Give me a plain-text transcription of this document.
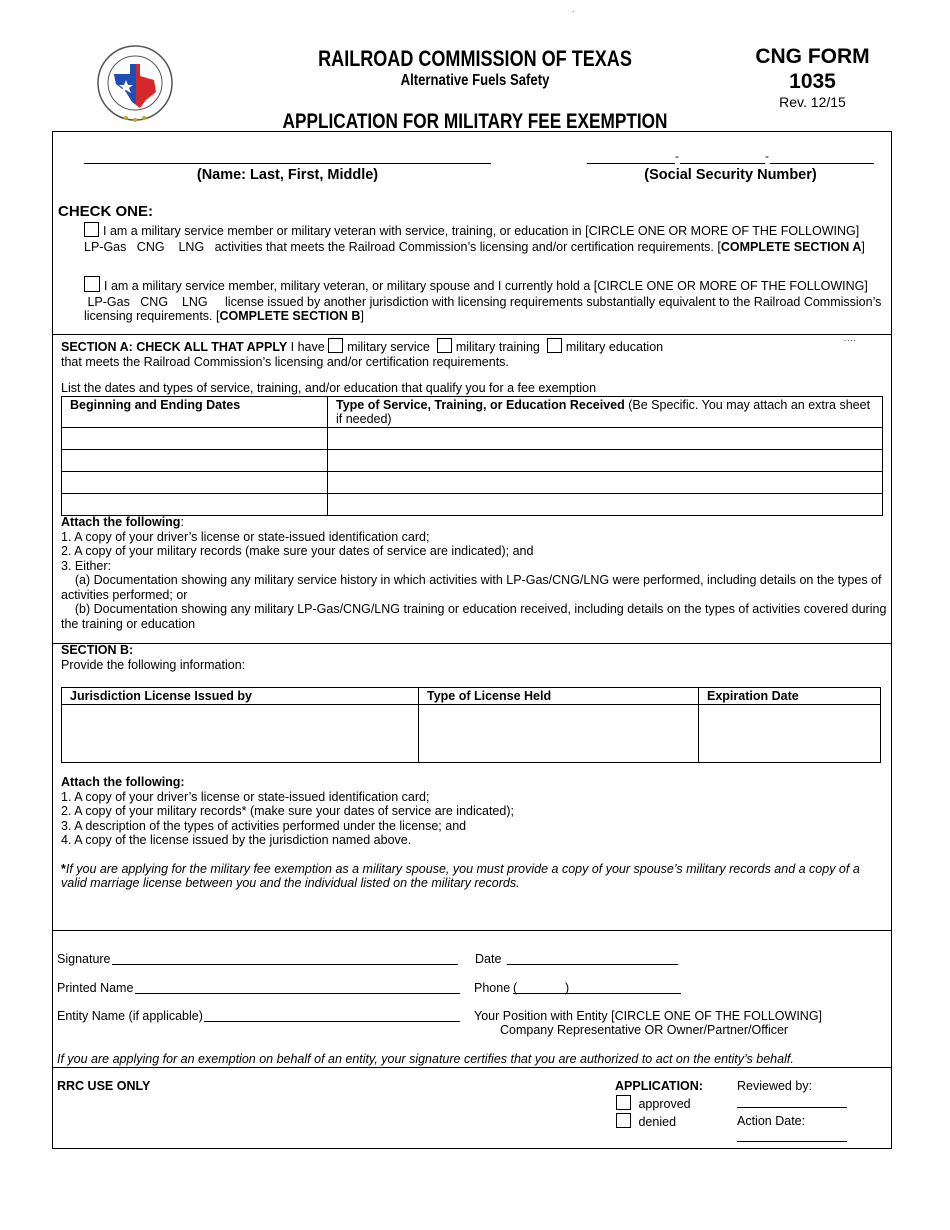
.
RAILROAD COMMISSION OF TEXAS
Alternative Fuels Safety
CNG FORM
1035
Rev. 12/15
APPLICATION FOR MILITARY FEE EXEMPTION
(Name: Last, First, Middle)
-	-
(Social Security Number)
CHECK ONE:
I am a military service member or military veteran with service, training, or education in [CIRCLE ONE OR MORE OF THE FOLLOWING]
LP-Gas   CNG    LNG activities that meets the Railroad Commission’s licensing and/or certification requirements. [COMPLETE SECTION A]
I am a military service member, military veteran, or military spouse and I currently hold a [CIRCLE ONE OR MORE OF THE FOLLOWING]
LP-Gas   CNG    LNG license issued by another jurisdiction with licensing requirements substantially equivalent to the Railroad Commission’s
licensing requirements. [COMPLETE SECTION B]
SECTION A: CHECK ALL THAT APPLY I have military service military training military education
that meets the Railroad Commission’s licensing and/or certification requirements.
....
List the dates and types of service, training, and/or education that qualify you for a fee exemption
Beginning and Ending Dates	Type of Service, Training, or Education Received (Be Specific. You may attach an extra sheet
if needed)

Attach the following:
1. A copy of your driver’s license or state-issued identification card;
2. A copy of your military records (make sure your dates of service are indicated); and
3. Either:
(a) Documentation showing any military service history in which activities with LP-Gas/CNG/LNG were performed, including details on the types of
activities performed; or
(b) Documentation showing any military LP-Gas/CNG/LNG training or education received, including details on the types of activities covered during
the training or education
SECTION B:
Provide the following information:
Jurisdiction License Issued by	Type of License Held	Expiration Date

Attach the following:
1. A copy of your driver’s license or state-issued identification card;
2. A copy of your military records* (make sure your dates of service are indicated);
3. A description of the types of activities performed under the license; and
4. A copy of the license issued by the jurisdiction named above.
*If you are applying for the military fee exemption as a military spouse, you must provide a copy of your spouse’s military records and a copy of a
valid marriage license between you and the individual listed on the military records.
Signature	Date
Printed Name	Phone (	)
Entity Name (if applicable)	Your Position with Entity [CIRCLE ONE OF THE FOLLOWING]
Company Representative OR Owner/Partner/Officer
If you are applying for an exemption on behalf of an entity, your signature certifies that you are authorized to act on the entity’s behalf.
RRC USE ONLY	APPLICATION:
approved
denied
Reviewed by:
Action Date:
